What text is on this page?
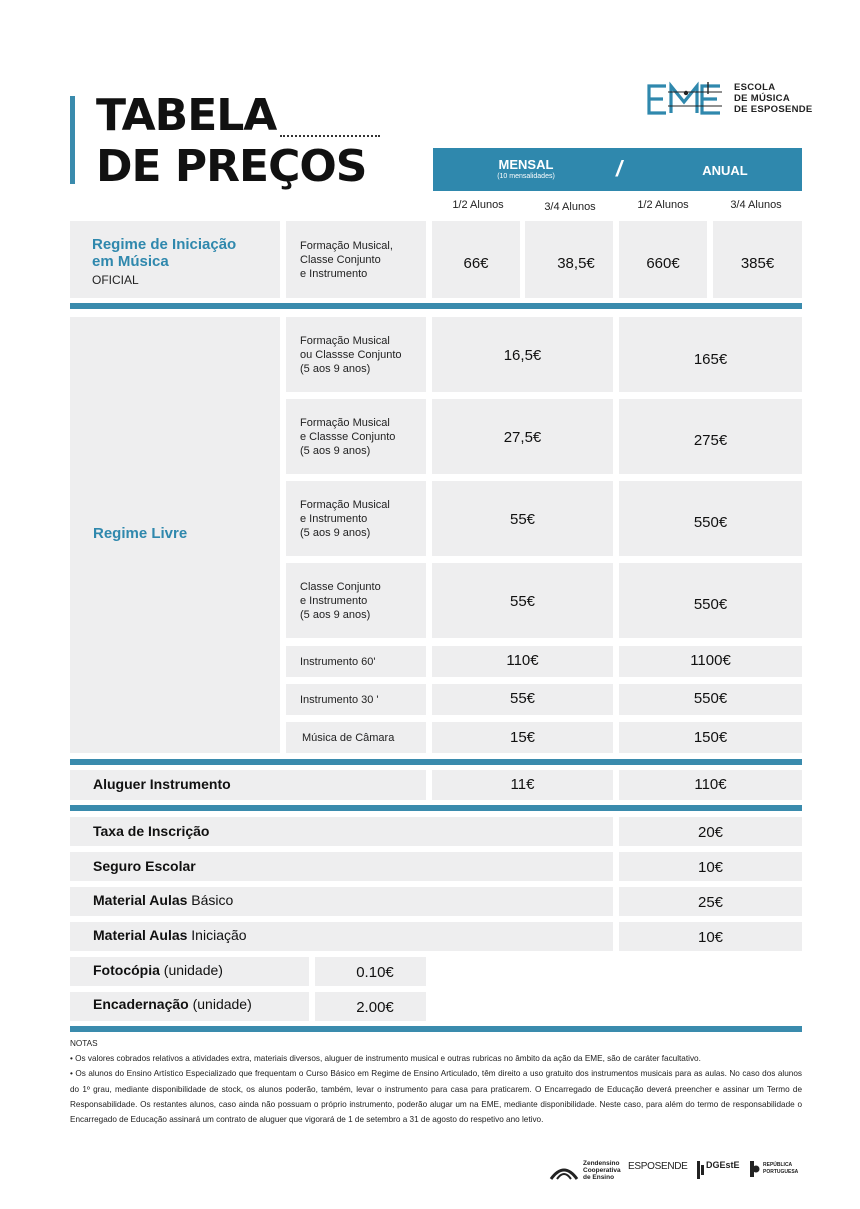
TABELA
DE PREÇOS
ESCOLA
DE MÚSICA
DE ESPOSENDE
MENSAL
(10 mensalidades)	/	ANUAL
1/2 Alunos	3/4 Alunos	1/2 Alunos	3/4 Alunos
Regime de Iniciação
em Música
OFICIAL
Formação Musical,
Classe Conjunto
e Instrumento
66€	38,5€	660€	385€
Regime Livre
Formação Musical
ou Classse Conjunto
(5 aos 9 anos)
16,5€	165€
Formação Musical
e Classse Conjunto
(5 aos 9 anos)
27,5€	275€
Formação Musical
e Instrumento
(5 aos 9 anos)
55€	550€
Classe Conjunto
e Instrumento
(5 aos 9 anos)
55€	550€
Instrumento 60'	110€	1100€
Instrumento 30 '	55€	550€
Música de Câmara	15€	150€
Aluguer Instrumento	11€	110€
Taxa de Inscrição	20€
Seguro Escolar	10€
Material Aulas Básico	25€
Material Aulas Iniciação	10€
Fotocópia (unidade)	0.10€
Encadernação (unidade)	2.00€

NOTAS

• Os valores cobrados relativos a atividades extra, materiais diversos, aluguer de instrumento musical e outras rubricas no âmbito da ação da EME, são de caráter facultativo.

• Os alunos do Ensino Artístico Especializado que frequentam o Curso Básico em Regime de Ensino Articulado, têm direito a uso gratuito dos instrumentos musicais para as aulas. No caso dos alunos do 1º grau, mediante disponibilidade de stock, os alunos poderão, também, levar o instrumento para casa para praticarem. O Encarregado de Educação deverá preencher e assinar um Termo de Responsabilidade. Os restantes alunos, caso ainda não possuam o próprio instrumento, poderão alugar um na EME, mediante disponibilidade. Neste caso, para além do termo de responsabilidade o Encarregado de Educação assinará um contrato de aluguer que vigorará de 1 de setembro a 31 de agosto do respetivo ano letivo.

Zendensino
Cooperativa
de Ensino
ESPOSENDE DGEstE	REPÚBLICA
PORTUGUESA
